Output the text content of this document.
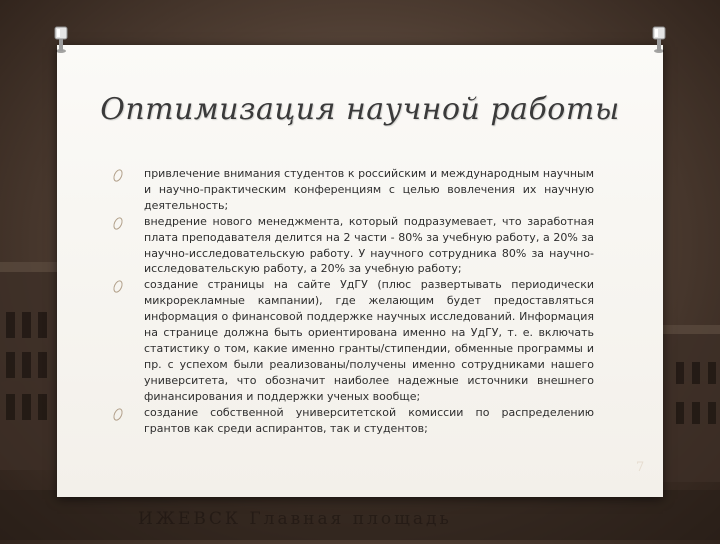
Оптимизация научной работы
привлечение внимания студентов к российским и международным научным и научно-практическим конференциям с целью вовлечения их научную деятельность;
внедрение нового менеджмента, который подразумевает, что заработная плата преподавателя делится на 2 части - 80% за учебную работу, а 20% за научно-исследовательскую работу. У научного сотрудника 80% за научно-исследовательскую работу, а 20% за учебную работу;
создание страницы на сайте УдГУ (плюс развертывать периодически микрорекламные кампании), где желающим будет предоставляться информация о финансовой поддержке научных исследований. Информация на странице должна быть ориентирована именно на УдГУ, т. е. включать статистику о том, какие именно гранты/стипендии, обменные программы и пр. с успехом были реализованы/получены именно сотрудниками нашего университета, что обозначит наиболее надежные источники внешнего финансирования и поддержки ученых вообще;
создание собственной университетской комиссии по распределению грантов как среди аспирантов, так и студентов;
7
ИЖЕВСК Главная площадь
